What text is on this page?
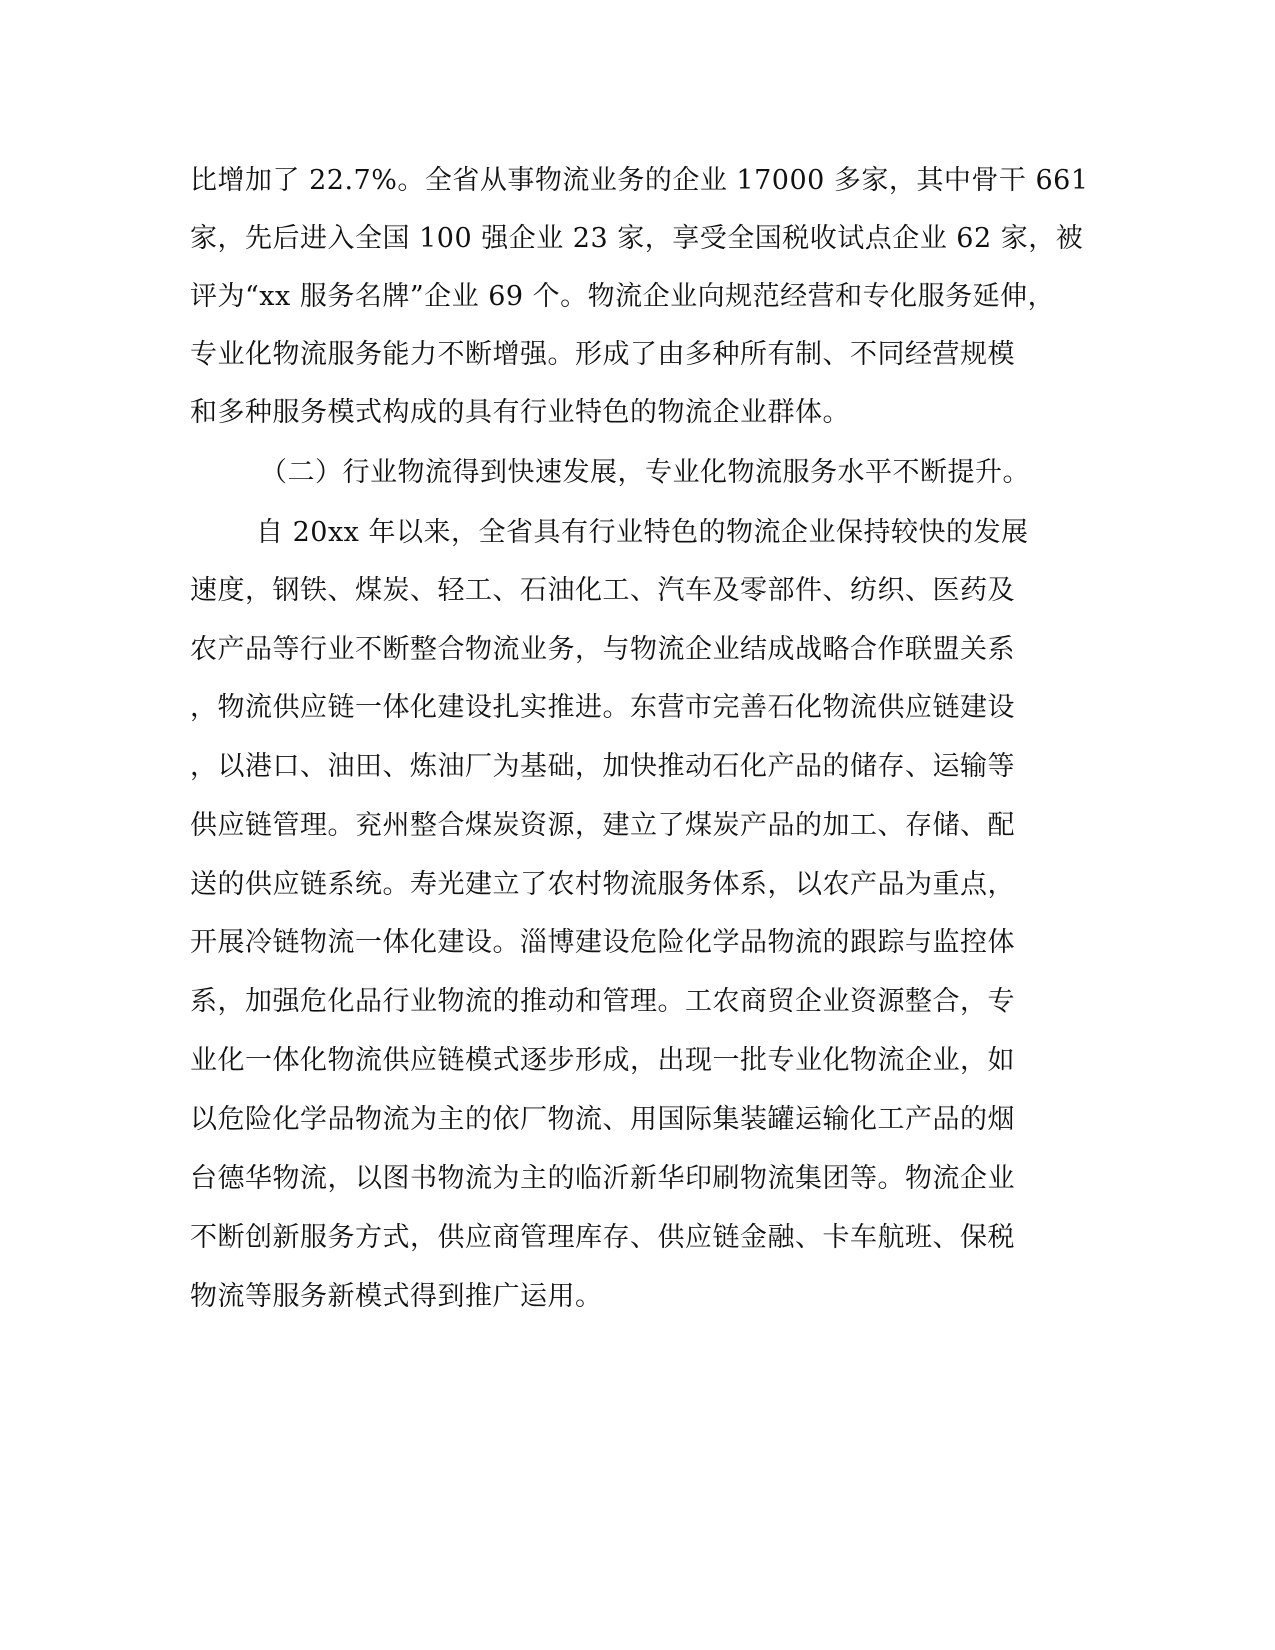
比增加了 22.7%。全省从事物流业务的企业 17000 多家，其中骨干 661
家，先后进入全国 100 强企业 23 家，享受全国税收试点企业 62 家，被
评为“xx 服务名牌”企业 69 个。物流企业向规范经营和专化服务延伸，
专业化物流服务能力不断增强。形成了由多种所有制、不同经营规模
和多种服务模式构成的具有行业特色的物流企业群体。
（二）行业物流得到快速发展，专业化物流服务水平不断提升。
自 20xx 年以来，全省具有行业特色的物流企业保持较快的发展
速度，钢铁、煤炭、轻工、石油化工、汽车及零部件、纺织、医药及
农产品等行业不断整合物流业务，与物流企业结成战略合作联盟关系
，物流供应链一体化建设扎实推进。东营市完善石化物流供应链建设
，以港口、油田、炼油厂为基础，加快推动石化产品的储存、运输等
供应链管理。兖州整合煤炭资源，建立了煤炭产品的加工、存储、配
送的供应链系统。寿光建立了农村物流服务体系，以农产品为重点，
开展冷链物流一体化建设。淄博建设危险化学品物流的跟踪与监控体
系，加强危化品行业物流的推动和管理。工农商贸企业资源整合，专
业化一体化物流供应链模式逐步形成，出现一批专业化物流企业，如
以危险化学品物流为主的依厂物流、用国际集装罐运输化工产品的烟
台德华物流，以图书物流为主的临沂新华印刷物流集团等。物流企业
不断创新服务方式，供应商管理库存、供应链金融、卡车航班、保税
物流等服务新模式得到推广运用。
